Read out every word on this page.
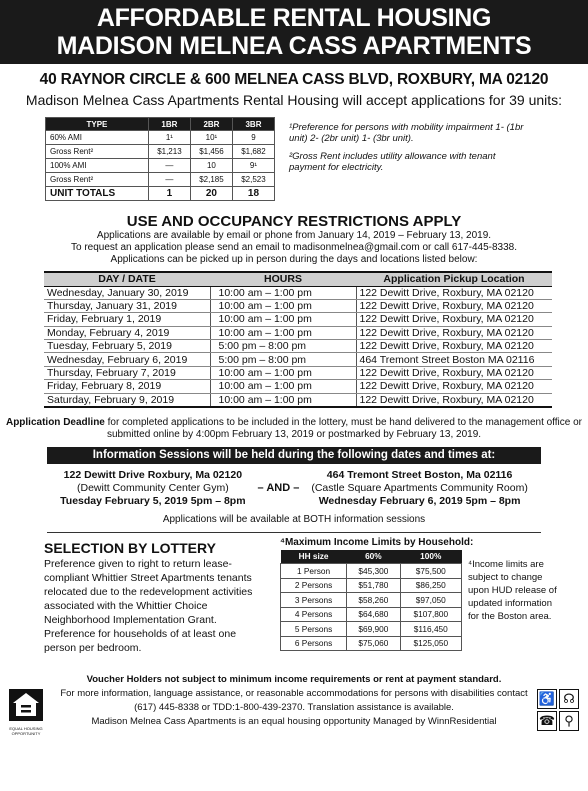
AFFORDABLE RENTAL HOUSING
MADISON MELNEA CASS APARTMENTS
40 RAYNOR CIRCLE & 600 MELNEA CASS BLVD, ROXBURY, MA 02120
Madison Melnea Cass Apartments Rental Housing will accept applications for 39 units:
TYPE	1BR	2BR	3BR
60% AMI	1¹	10¹	9
Gross Rent²	$1,213	$1,456	$1,682
100% AMI	—	10	9¹
Gross Rent²	—	$2,185	$2,523
UNIT TOTALS	1	20	18

¹Preference for persons with mobility impairment 1- (1br unit) 2- (2br unit) 1- (3br unit).

²Gross Rent includes utility allowance with tenant payment for electricity.

USE AND OCCUPANCY RESTRICTIONS APPLY
Applications are available by email or phone from January 14, 2019 – February 13, 2019.
To request an application please send an email to madisonmelnea@gmail.com or call 617-445-8338.
Applications can be picked up in person during the days and locations listed below:
DAY / DATE	HOURS	Application Pickup Location
Wednesday, January 30, 2019	10:00 am – 1:00 pm	122 Dewitt Drive, Roxbury, MA 02120
Thursday, January 31, 2019	10:00 am – 1:00 pm	122 Dewitt Drive, Roxbury, MA 02120
Friday, February 1, 2019	10:00 am – 1:00 pm	122 Dewitt Drive, Roxbury, MA 02120
Monday, February 4, 2019	10:00 am – 1:00 pm	122 Dewitt Drive, Roxbury, MA 02120
Tuesday, February 5, 2019	5:00 pm – 8:00 pm	122 Dewitt Drive, Roxbury, MA 02120
Wednesday, February 6, 2019	5:00 pm – 8:00 pm	464 Tremont Street Boston MA 02116
Thursday, February 7, 2019	10:00 am – 1:00 pm	122 Dewitt Drive, Roxbury, MA 02120
Friday, February 8, 2019	10:00 am – 1:00 pm	122 Dewitt Drive, Roxbury, MA 02120
Saturday, February 9, 2019	10:00 am – 1:00 pm	122 Dewitt Drive, Roxbury, MA 02120
Application Deadline for completed applications to be included in the lottery, must be hand delivered to the management office or submitted online by 4:00pm February 13, 2019 or postmarked by February 13, 2019.
Information Sessions will be held during the following dates and times at:
122 Dewitt Drive Roxbury, Ma 02120
(Dewitt Community Center Gym)
Tuesday February 5, 2019 5pm – 8pm
– AND –
464 Tremont Street Boston, Ma 02116
(Castle Square Apartments Community Room)
Wednesday February 6, 2019 5pm – 8pm
Applications will be available at BOTH information sessions
SELECTION BY LOTTERY

Preference given to right to return lease-compliant Whittier Street Apartments tenants relocated due to the redevelopment activities associated with the Whittier Choice Neighborhood Implementation Grant. Preference for households of at least one person per bedroom.

⁴Maximum Income Limits by Household:
HH size	60%	100%
1 Person	$45,300	$75,500
2 Persons	$51,780	$86,250
3 Persons	$58,260	$97,050
4 Persons	$64,680	$107,800
5 Persons	$69,900	$116,450
6 Persons	$75,060	$125,050
⁴Income limits are subject to change upon HUD release of updated information for the Boston area.
Voucher Holders not subject to minimum income requirements or rent at payment standard.
For more information, language assistance, or reasonable accommodations for persons with disabilities contact
(617) 445-8338 or TDD:1-800-439-2370. Translation assistance is available.
Madison Melnea Cass Apartments is an equal housing opportunity Managed by WinnResidential
EQUAL HOUSING OPPORTUNITY
♿ ☊
☎ ⚲
